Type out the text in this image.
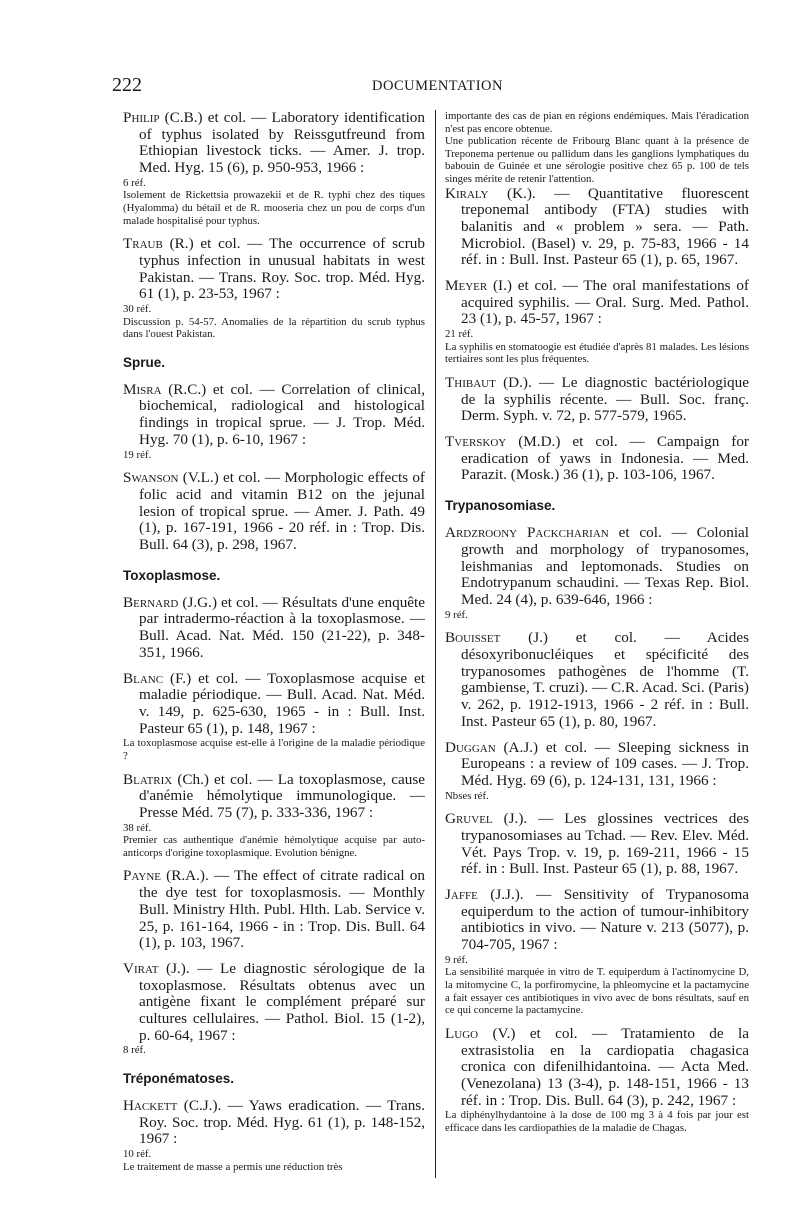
222	DOCUMENTATION

Philip (C.B.) et col. — Laboratory identification of typhus isolated by Reissgutfreund from Ethiopian livestock ticks. — Amer. J. trop. Med. Hyg. 15 (6), p. 950-953, 1966 :

6 réf.

Isolement de Rickettsia prowazekii et de R. typhi chez des tiques (Hyalomma) du bétail et de R. mooseria chez un pou de corps d'un malade hospitalisé pour typhus.

Traub (R.) et col. — The occurrence of scrub typhus infection in unusual habitats in west Pakistan. — Trans. Roy. Soc. trop. Méd. Hyg. 61 (1), p. 23-53, 1967 :

30 réf.

Discussion p. 54-57. Anomalies de la répartition du scrub typhus dans l'ouest Pakistan.

Sprue.

Misra (R.C.) et col. — Correlation of clinical, biochemical, radiological and histological findings in tropical sprue. — J. Trop. Méd. Hyg. 70 (1), p. 6-10, 1967 :

19 réf.

Swanson (V.L.) et col. — Morphologic effects of folic acid and vitamin B12 on the jejunal lesion of tropical sprue. — Amer. J. Path. 49 (1), p. 167-191, 1966 - 20 réf. in : Trop. Dis. Bull. 64 (3), p. 298, 1967.

Toxoplasmose.

Bernard (J.G.) et col. — Résultats d'une enquête par intradermo-réaction à la toxoplasmose. — Bull. Acad. Nat. Méd. 150 (21-22), p. 348-351, 1966.

Blanc (F.) et col. — Toxoplasmose acquise et maladie périodique. — Bull. Acad. Nat. Méd. v. 149, p. 625-630, 1965 - in : Bull. Inst. Pasteur 65 (1), p. 148, 1967 :

La toxoplasmose acquise est-elle à l'origine de la maladie périodique ?

Blatrix (Ch.) et col. — La toxoplasmose, cause d'anémie hémolytique immunologique. — Presse Méd. 75 (7), p. 333-336, 1967 :

38 réf.

Premier cas authentique d'anémie hémolytique acquise par auto-anticorps d'origine toxoplasmique. Evolution bénigne.

Payne (R.A.). — The effect of citrate radical on the dye test for toxoplasmosis. — Monthly Bull. Ministry Hlth. Publ. Hlth. Lab. Service v. 25, p. 161-164, 1966 - in : Trop. Dis. Bull. 64 (1), p. 103, 1967.

Virat (J.). — Le diagnostic sérologique de la toxoplasmose. Résultats obtenus avec un antigène fixant le complément préparé sur cultures cellulaires. — Pathol. Biol. 15 (1-2), p. 60-64, 1967 :

8 réf.

Tréponématoses.

Hackett (C.J.). — Yaws eradication. — Trans. Roy. Soc. trop. Méd. Hyg. 61 (1), p. 148-152, 1967 :

10 réf.

Le traitement de masse a permis une réduction très

importante des cas de pian en régions endémiques. Mais l'éradication n'est pas encore obtenue.

Une publication récente de Fribourg Blanc quant à la présence de Treponema pertenue ou pallidum dans les ganglions lymphatiques du babouin de Guinée et une sérologie positive chez 65 p. 100 de tels singes mérite de retenir l'attention.

Kiraly (K.). — Quantitative fluorescent treponemal antibody (FTA) studies with balanitis and « problem » sera. — Path. Microbiol. (Basel) v. 29, p. 75-83, 1966 - 14 réf. in : Bull. Inst. Pasteur 65 (1), p. 65, 1967.

Meyer (I.) et col. — The oral manifestations of acquired syphilis. — Oral. Surg. Med. Pathol. 23 (1), p. 45-57, 1967 :

21 réf.

La syphilis en stomatoogie est étudiée d'après 81 malades. Les lésions tertiaires sont les plus fréquentes.

Thibaut (D.). — Le diagnostic bactériologique de la syphilis récente. — Bull. Soc. franç. Derm. Syph. v. 72, p. 577-579, 1965.

Tverskoy (M.D.) et col. — Campaign for eradication of yaws in Indonesia. — Med. Parazit. (Mosk.) 36 (1), p. 103-106, 1967.

Trypanosomiase.

Ardzroony Packcharian et col. — Colonial growth and morphology of trypanosomes, leishmanias and leptomonads. Studies on Endotrypanum schaudini. — Texas Rep. Biol. Med. 24 (4), p. 639-646, 1966 :

9 réf.

Bouisset (J.) et col. — Acides désoxyribonucléiques et spécificité des trypanosomes pathogènes de l'homme (T. gambiense, T. cruzi). — C.R. Acad. Sci. (Paris) v. 262, p. 1912-1913, 1966 - 2 réf. in : Bull. Inst. Pasteur 65 (1), p. 80, 1967.

Duggan (A.J.) et col. — Sleeping sickness in Europeans : a review of 109 cases. — J. Trop. Méd. Hyg. 69 (6), p. 124-131, 131, 1966 :

Nbses réf.

Gruvel (J.). — Les glossines vectrices des trypanosomiases au Tchad. — Rev. Elev. Méd. Vét. Pays Trop. v. 19, p. 169-211, 1966 - 15 réf. in : Bull. Inst. Pasteur 65 (1), p. 88, 1967.

Jaffe (J.J.). — Sensitivity of Trypanosoma equiperdum to the action of tumour-inhibitory antibiotics in vivo. — Nature v. 213 (5077), p. 704-705, 1967 :

9 réf.

La sensibilité marquée in vitro de T. equiperdum à l'actinomycine D, la mitomycine C, la porfiromycine, la phleomycine et la pactamycine a fait essayer ces antibiotiques in vivo avec de bons résultats, sauf en ce qui concerne la pactamycine.

Lugo (V.) et col. — Tratamiento de la extrasistolia en la cardiopatia chagasica cronica con difenilhidantoina. — Acta Med. (Venezolana) 13 (3-4), p. 148-151, 1966 - 13 réf. in : Trop. Dis. Bull. 64 (3), p. 242, 1967 :

La diphénylhydantoine à la dose de 100 mg 3 à 4 fois par jour est efficace dans les cardiopathies de la maladie de Chagas.
